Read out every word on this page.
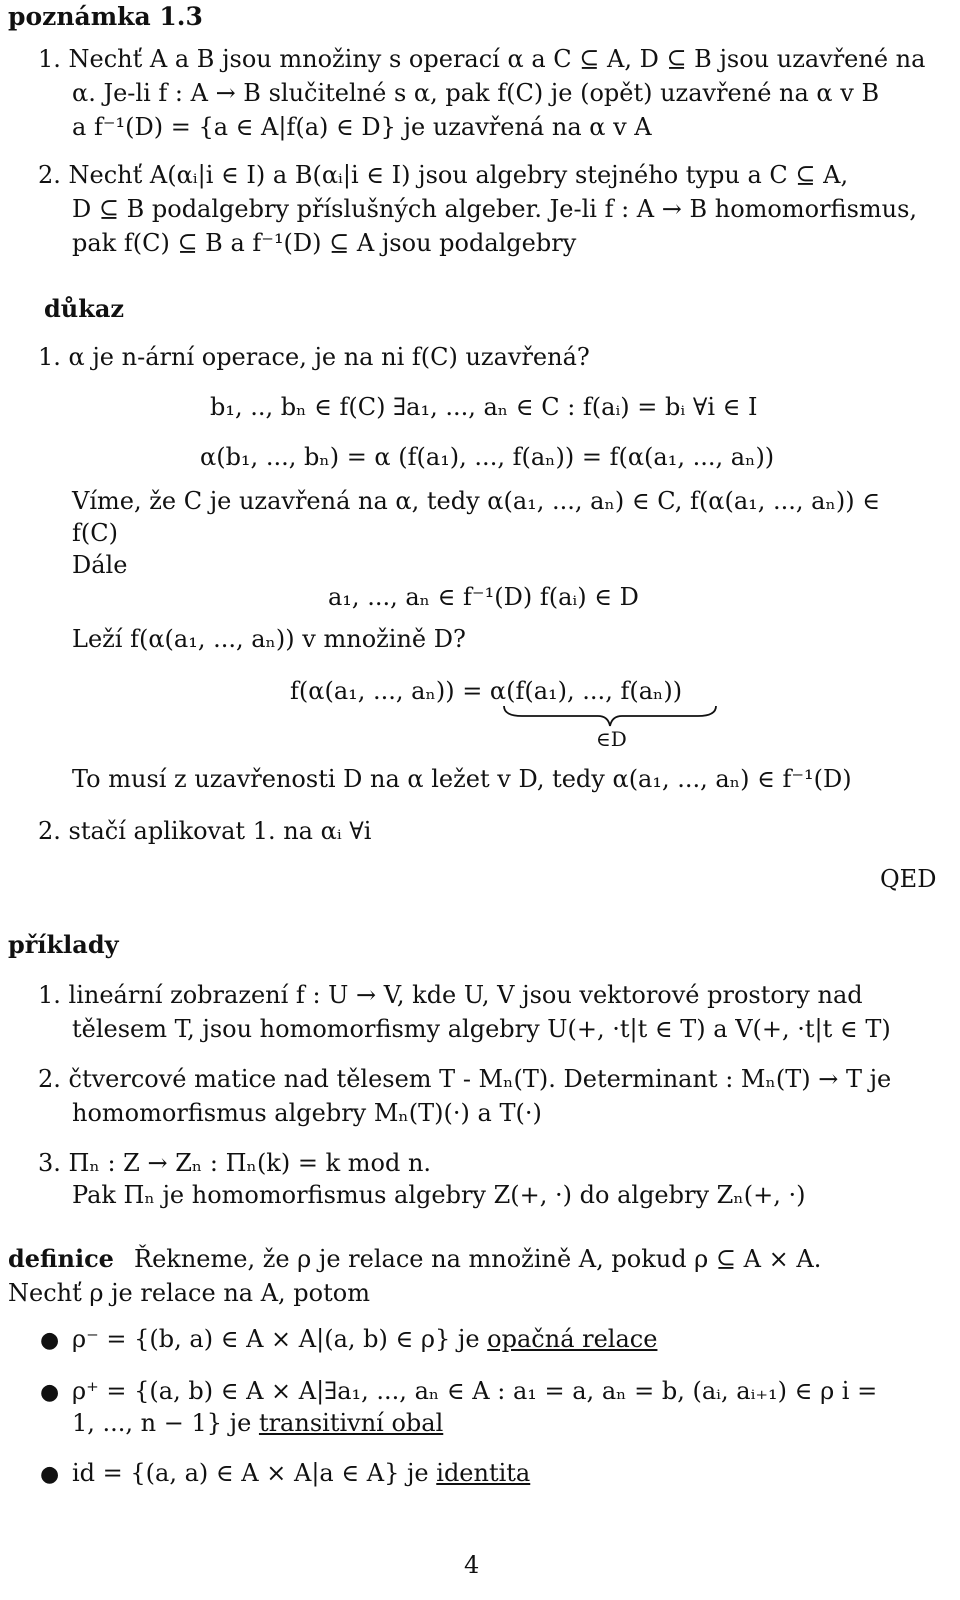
poznámka 1.3
1. Nechť A a B jsou množiny s operací α a C ⊆ A, D ⊆ B jsou uzavřené na
α. Je-li f : A → B slučitelné s α, pak f(C) je (opět) uzavřené na α v B
a f⁻¹(D) = {a ∈ A|f(a) ∈ D} je uzavřená na α v A
2. Nechť A(αᵢ|i ∈ I) a B(αᵢ|i ∈ I) jsou algebry stejného typu a C ⊆ A,
D ⊆ B podalgebry příslušných algeber. Je-li f : A → B homomorfismus,
pak f(C) ⊆ B a f⁻¹(D) ⊆ A jsou podalgebry
důkaz
1. α je n-ární operace, je na ni f(C) uzavřená?
b₁, .., bₙ ∈ f(C) ∃a₁, ..., aₙ ∈ C : f(aᵢ) = bᵢ ∀i ∈ I
α(b₁, ..., bₙ) = α (f(a₁), ..., f(aₙ)) = f(α(a₁, ..., aₙ))
Víme, že C je uzavřená na α, tedy α(a₁, ..., aₙ) ∈ C, f(α(a₁, ..., aₙ)) ∈
f(C)
Dále
a₁, ..., aₙ ∈ f⁻¹(D) f(aᵢ) ∈ D
Leží f(α(a₁, ..., aₙ)) v množině D?
f(α(a₁, ..., aₙ)) = α(f(a₁), ..., f(aₙ))
∈D
To musí z uzavřenosti D na α ležet v D, tedy α(a₁, ..., aₙ) ∈ f⁻¹(D)
2. stačí aplikovat 1. na αᵢ ∀i
QED
příklady
1. lineární zobrazení f : U → V, kde U, V jsou vektorové prostory nad
tělesem T, jsou homomorfismy algebry U(+, ·t|t ∈ T) a V(+, ·t|t ∈ T)
2. čtvercové matice nad tělesem T - Mₙ(T). Determinant : Mₙ(T) → T je
homomorfismus algebry Mₙ(T)(·) a T(·)
3. Πₙ : Z → Zₙ : Πₙ(k) = k mod n.
Pak Πₙ je homomorfismus algebry Z(+, ·) do algebry Zₙ(+, ·)
definice Řekneme, že ρ je relace na množině A, pokud ρ ⊆ A × A.
Nechť ρ je relace na A, potom
● ρ⁻ = {(b, a) ∈ A × A|(a, b) ∈ ρ} je opačná relace
● ρ⁺ = {(a, b) ∈ A × A|∃a₁, ..., aₙ ∈ A : a₁ = a, aₙ = b, (aᵢ, aᵢ₊₁) ∈ ρ i =
1, ..., n − 1} je transitivní obal
● id = {(a, a) ∈ A × A|a ∈ A} je identita
4
